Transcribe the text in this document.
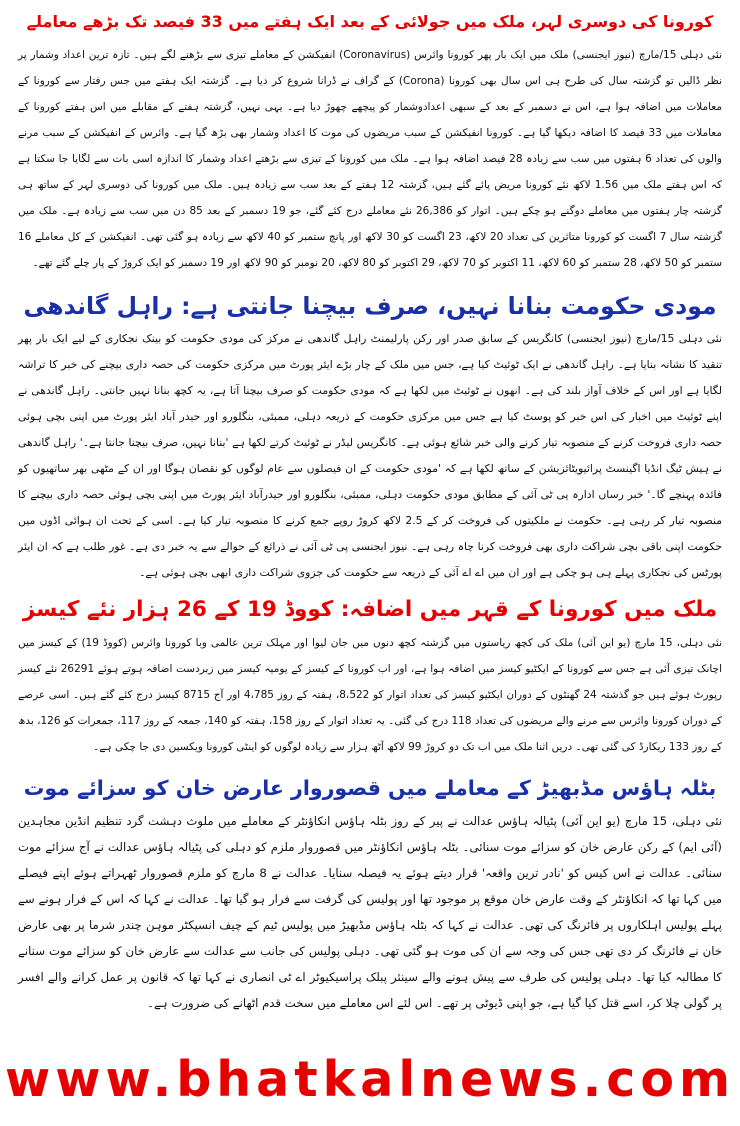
کورونا کی دوسری لہر، ملک میں جولائی کے بعد ایک ہفتے میں 33 فیصد تک بڑھے معاملے

نئی دہلی 15/مارچ (نیوز ایجنسی) ملک میں ایک بار پھر کورونا وائرس (Coronavirus) انفیکشن کے معاملے تیزی سے بڑھنے لگے ہیں۔ تازہ ترین اعداد وشمار پر نظر ڈالیں تو گزشتہ سال کی طرح ہی اس سال بھی کورونا (Corona) کے گراف نے ڈرانا شروع کر دیا ہے۔ گزشتہ ایک ہفتے میں جس رفتار سے کورونا کے معاملات میں اضافہ ہوا ہے، اس نے دسمبر کے بعد کے سبھی اعدادوشمار کو پیچھے چھوڑ دیا ہے۔ یہی نہیں، گزشتہ ہفتے کے مقابلے میں اس ہفتے کورونا کے معاملات میں 33 فیصد کا اضافہ دیکھا گیا ہے۔ کورونا انفیکشن کے سبب مریضوں کی موت کا اعداد وشمار بھی بڑھ گیا ہے۔ وائرس کے انفیکشن کے سبب مرنے والوں کی تعداد 6 ہفتوں میں سب سے زیادہ 28 فیصد اضافہ ہوا ہے۔ ملک میں کورونا کے تیزی سے بڑھتے اعداد وشمار کا اندازہ اسی بات سے لگایا جا سکتا ہے کہ اس ہفتے ملک میں 1.56 لاکھ نئے کورونا مریض پائے گئے ہیں، گزشتہ 12 ہفتے کے بعد سب سے زیادہ ہیں۔ ملک میں کورونا کی دوسری لہر کے ساتھ ہی گزشتہ چار ہفتوں میں معاملے دوگنے ہو چکے ہیں۔ اتوار کو 26,386 نئے معاملے درج کئے گئے، جو 19 دسمبر کے بعد 85 دن میں سب سے زیادہ ہے۔ ملک میں گزشتہ سال 7 اگست کو کورونا متاثرین کی تعداد 20 لاکھ، 23 اگست کو 30 لاکھ اور پانچ ستمبر کو 40 لاکھ سے زیادہ ہو گئی تھی۔ انفیکشن کے کل معاملے 16 ستمبر کو 50 لاکھ، 28 ستمبر کو 60 لاکھ، 11 اکتوبر کو 70 لاکھ، 29 اکتوبر کو 80 لاکھ، 20 نومبر کو 90 لاکھ اور 19 دسمبر کو ایک کروڑ کے پار چلے گئے تھے۔

مودی حکومت بنانا نہیں، صرف بیچنا جانتی ہے: راہل گاندھی

نئی دہلی 15/مارچ (نیوز ایجنسی) کانگریس کے سابق صدر اور رکن پارلیمنٹ راہل گاندھی نے مرکز کی مودی حکومت کو بینک نجکاری کے لیے ایک بار پھر تنقید کا نشانہ بنایا ہے۔ راہل گاندھی نے ایک ٹوئیٹ کیا ہے، جس میں ملک کے چار بڑے ایئر پورٹ میں مرکزی حکومت کی حصہ داری بیچنے کی خبر کا تراشہ لگایا ہے اور اس کے خلاف آواز بلند کی ہے۔ انھوں نے ٹوئیٹ میں لکھا ہے کہ مودی حکومت کو صرف بیچنا آتا ہے، یہ کچھ بنانا نہیں جانتی۔ راہل گاندھی نے اپنے ٹوئیٹ میں اخبار کی اس خبر کو پوسٹ کیا ہے جس میں مرکزی حکومت کے ذریعہ دہلی، ممبئی، بنگلورو اور حیدر آباد ایئر پورٹ میں اپنی بچی ہوئی حصہ داری فروخت کرنے کے منصوبہ تیار کرنے والی خبر شائع ہوئی ہے۔ کانگریس لیڈر نے ٹوئیٹ کرتے لکھا ہے 'بنانا نہیں، صرف بیچنا جانتا ہے۔' راہل گاندھی نے ہیش ٹیگ انڈیا اگینسٹ پرائیویٹائزیشن کے ساتھ لکھا ہے کہ 'مودی حکومت کے ان فیصلوں سے عام لوگوں کو نقصان ہوگا اور ان کے مٹھی بھر ساتھیوں کو فائدہ پہنچے گا۔' خبر رساں ادارہ پی ٹی آئی کے مطابق مودی حکومت دہلی، ممبئی، بنگلورو اور حیدرآباد ایئر پورٹ میں اپنی بچی ہوئی حصہ داری بیچنے کا منصوبہ تیار کر رہی ہے۔ حکومت نے ملکیتوں کی فروخت کر کے 2.5 لاکھ کروڑ روپے جمع کرنے کا منصوبہ تیار کیا ہے۔ اسی کے تحت ان ہوائی اڈوں میں حکومت اپنی باقی بچی شراکت داری بھی فروخت کرنا چاہ رہی ہے۔ نیوز ایجنسی پی ٹی آئی نے ذرائع کے حوالے سے یہ خبر دی ہے۔ غور طلب ہے کہ ان ایئر پورٹس کی نجکاری پہلے ہی ہو چکی ہے اور ان میں اے اے آئی کے ذریعہ سے حکومت کی جزوی شراکت داری ابھی بچی ہوئی ہے۔

ملک میں کورونا کے قہر میں اضافہ: کووڈ 19 کے 26 ہزار نئے کیسز

نئی دہلی، 15 مارچ (یو این آئی) ملک کی کچھ ریاستوں میں گزشتہ کچھ دنوں میں جان لیوا اور مہلک ترین عالمی وبا کورونا وائرس (کووڈ 19) کے کیسز میں اچانک تیزی آئی ہے جس سے کورونا کے ایکٹیو کیسز میں اضافہ ہوا ہے، اور اب کورونا کے کیسز کے یومیہ کیسز میں زبردست اضافہ ہوتے ہوئے 26291 نئے کیسز رپورٹ ہوئے ہیں جو گذشتہ 24 گھنٹوں کے دوران ایکٹیو کیسز کی تعداد اتوار کو 8،522، ہفتہ کے روز 4،785 اور آج 8715 کیسز درج کئے گئے ہیں۔ اسی عرصے کے دوران کورونا وائرس سے مرنے والے مریضوں کی تعداد 118 درج کی گئی۔ یہ تعداد اتوار کے روز 158، ہفتہ کو 140، جمعہ کے روز 117، جمعرات کو 126، بدھ کے روز 133 ریکارڈ کی گئی تھی۔ دریں اثنا ملک میں اب تک دو کروڑ 99 لاکھ آٹھ ہزار سے زیادہ لوگوں کو اینٹی کورونا ویکسین دی جا چکی ہے۔

بٹلہ ہاؤس مڈبھیڑ کے معاملے میں قصوروار عارض خان کو سزائے موت

نئی دہلی، 15 مارچ (یو این آئی) پٹیالہ ہاؤس عدالت نے پیر کے روز بٹلہ ہاؤس انکاؤنٹر کے معاملے میں ملوث دہشت گرد تنظیم انڈین مجاہدین (آئی ایم) کے رکن عارض خان کو سزائے موت سنائی۔ بٹلہ ہاؤس انکاؤنٹر میں قصوروار ملزم کو دہلی کی پٹیالہ ہاؤس عدالت نے آج سزائے موت سنائی۔ عدالت نے اس کیس کو 'نادر ترین واقعہ' قرار دیتے ہوئے یہ فیصلہ سنایا۔ عدالت نے 8 مارچ کو ملزم قصوروار ٹھہراتے ہوئے اپنے فیصلے میں کہا تھا کہ انکاؤنٹر کے وقت عارض خان موقع پر موجود تھا اور پولیس کی گرفت سے فرار ہو گیا تھا۔ عدالت نے کہا کہ اس کے فرار ہونے سے پہلے پولیس اہلکاروں پر فائرنگ کی تھی۔ عدالت نے کہا کہ بٹلہ ہاؤس مڈبھیڑ میں پولیس ٹیم کے چیف انسپکٹر موہن چندر شرما پر بھی عارض خان نے فائرنگ کر دی تھی جس کی وجہ سے ان کی موت ہو گئی تھی۔ دہلی پولیس کی جانب سے عدالت سے عارض خان کو سزائے موت سنانے کا مطالبہ کیا تھا۔ دہلی پولیس کی طرف سے پیش ہونے والے سینئر پبلک پراسیکیوٹر اے ٹی انصاری نے کہا تھا کہ قانون پر عمل کرانے والے افسر پر گولی چلا کر، اسے قتل کیا گیا ہے، جو اپنی ڈیوٹی پر تھے۔ اس لئے اس معاملے میں سخت قدم اٹھانے کی ضرورت ہے۔

www.bhatkalnews.com
